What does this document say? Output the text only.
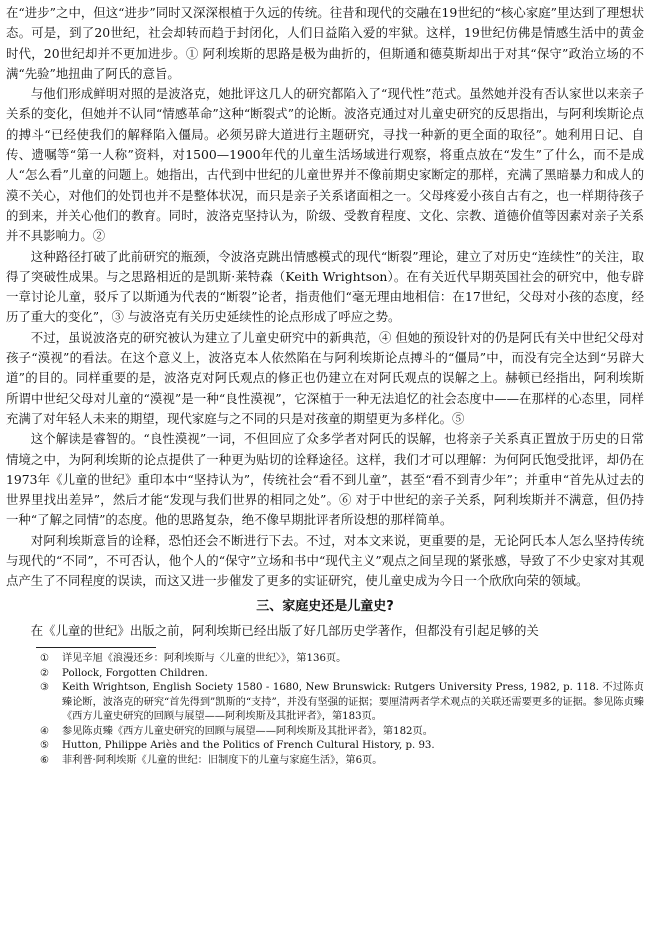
在“进步”之中，但这“进步”同时又深深根植于久远的传统。往昔和现代的交融在19世纪的“核心家庭”里达到了理想状态。可是，到了20世纪，社会却转而趋于封闭化，人们日益陷入爱的牢狱。这样，19世纪仿佛是情感生活中的黄金时代，20世纪却并不更加进步。① 阿利埃斯的思路是极为曲折的，但斯通和德莫斯却出于对其“保守”政治立场的不满“先验”地扭曲了阿氏的意旨。

与他们形成鲜明对照的是波洛克，她批评这几人的研究都陷入了“现代性”范式。虽然她并没有否认家世以来亲子关系的变化，但她并不认同“情感革命”这种“断裂式”的论断。波洛克通过对儿童史研究的反思指出，与阿利埃斯论点的搏斗“已经使我们的解释陷入僵局。必须另辟大道进行主题研究，寻找一种新的更全面的取径”。她利用日记、自传、遗嘱等“第一人称”资料，对1500—1900年代的儿童生活场域进行观察，将重点放在“发生”了什么，而不是成人“怎么看”儿童的问题上。她指出，古代到中世纪的儿童世界并不像前期史家断定的那样，充满了黑暗暴力和成人的漠不关心，对他们的处罚也并不是整体状况，而只是亲子关系诸面相之一。父母疼爱小孩自古有之，也一样期待孩子的到来，并关心他们的教育。同时，波洛克坚持认为，阶级、受教育程度、文化、宗教、道德价值等因素对亲子关系并不具影响力。②

这种路径打破了此前研究的瓶颈，令波洛克跳出情感模式的现代“断裂”理论，建立了对历史“连续性”的关注，取得了突破性成果。与之思路相近的是凯斯·莱特森（Keith Wrightson）。在有关近代早期英国社会的研究中，他专辟一章讨论儿童，驳斥了以斯通为代表的“断裂”论者，指责他们“毫无理由地相信：在17世纪，父母对小孩的态度，经历了重大的变化”，③ 与波洛克有关历史延续性的论点形成了呼应之势。

不过，虽说波洛克的研究被认为建立了儿童史研究中的新典范，④ 但她的预设针对的仍是阿氏有关中世纪父母对孩子“漠视”的看法。在这个意义上，波洛克本人依然陷在与阿利埃斯论点搏斗的“僵局”中，而没有完全达到“另辟大道”的目的。同样重要的是，波洛克对阿氏观点的修正也仍建立在对阿氏观点的误解之上。赫顿已经指出，阿利埃斯所谓中世纪父母对儿童的“漠视”是一种“良性漠视”，它深植于一种无法追忆的社会态度中——在那样的心态里，同样充满了对年轻人未来的期望，现代家庭与之不同的只是对孩童的期望更为多样化。⑤

这个解读是睿智的。“良性漠视”一词，不但回应了众多学者对阿氏的误解，也将亲子关系真正置放于历史的日常情境之中，为阿利埃斯的论点提供了一种更为贴切的诠释途径。这样，我们才可以理解：为何阿氏饱受批评，却仍在1973年《儿童的世纪》重印本中“坚持认为”，传统社会“看不到儿童”，甚至“看不到青少年”；并重申“首先从过去的世界里找出差异”，然后才能“发现与我们世界的相同之处”。⑥ 对于中世纪的亲子关系，阿利埃斯并不满意，但仍持一种“了解之同情”的态度。他的思路复杂，绝不像早期批评者所设想的那样简单。

对阿利埃斯意旨的诠释，恐怕还会不断进行下去。不过，对本文来说，更重要的是，无论阿氏本人怎么坚持传统与现代的“不同”，不可否认，他个人的“保守”立场和书中“现代主义”观点之间呈现的紧张感，导致了不少史家对其观点产生了不同程度的误读，而这又进一步催发了更多的实证研究，使儿童史成为今日一个欣欣向荣的领域。

三、家庭史还是儿童史?

在《儿童的世纪》出版之前，阿利埃斯已经出版了好几部历史学著作，但都没有引起足够的关

①	详见辛旭《浪漫还乡：阿利埃斯与〈儿童的世纪〉》，第136页。
②	Pollock, Forgotten Children.
③	Keith Wrightson, English Society 1580 - 1680, New Brunswick: Rutgers University Press, 1982, p. 118. 不过陈贞臻论断，波洛克的研究“首先得到”凯斯的“支持”，并没有坚强的证据；要厘清两者学术观点的关联还需要更多的证据。参见陈贞臻《西方儿童史研究的回顾与展望——阿利埃斯及其批评者》，第183页。
④	参见陈贞臻《西方儿童史研究的回顾与展望——阿利埃斯及其批评者》，第182页。
⑤	Hutton, Philippe Ariès and the Politics of French Cultural History, p. 93.
⑥	菲利普·阿利埃斯《儿童的世纪：旧制度下的儿童与家庭生活》，第6页。
